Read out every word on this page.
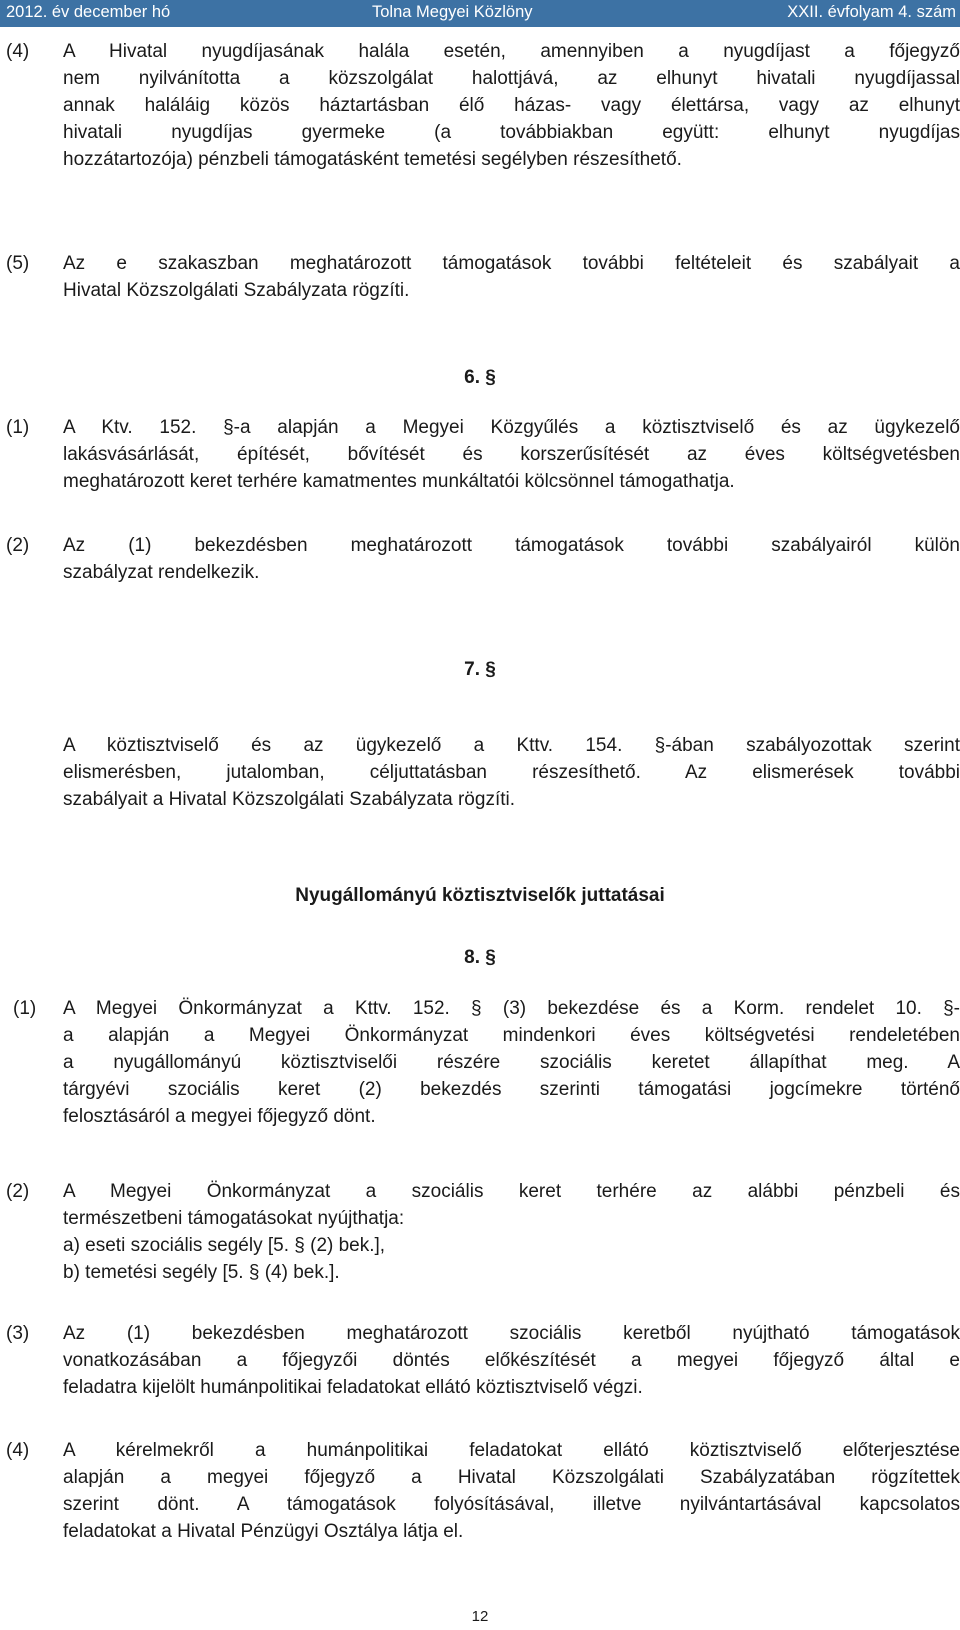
2012. év december hó	Tolna Megyei Közlöny	XXII. évfolyam 4. szám
(4) A Hivatal nyugdíjasának halála esetén, amennyiben a nyugdíjast a főjegyző
nem nyilvánította a közszolgálat halottjává, az elhunyt hivatali nyugdíjassal
annak haláláig közös háztartásban élő házas- vagy élettársa, vagy az elhunyt
hivatali nyugdíjas gyermeke (a továbbiakban együtt: elhunyt nyugdíjas
hozzátartozója) pénzbeli támogatásként temetési segélyben részesíthető.
(5) Az e szakaszban meghatározott támogatások további feltételeit és szabályait a
Hivatal Közszolgálati Szabályzata rögzíti.
6. §
(1) A Ktv. 152. §-a alapján a Megyei Közgyűlés a köztisztviselő és az ügykezelő
lakásvásárlását, építését, bővítését és korszerűsítését az éves költségvetésben
meghatározott keret terhére kamatmentes munkáltatói kölcsönnel támogathatja.
(2) Az (1) bekezdésben meghatározott támogatások további szabályairól külön
szabályzat rendelkezik.
7. §
A köztisztviselő és az ügykezelő a Kttv. 154. §-ában szabályozottak szerint
elismerésben, jutalomban, céljuttatásban részesíthető. Az elismerések további
szabályait a Hivatal Közszolgálati Szabályzata rögzíti.
Nyugállományú köztisztviselők juttatásai
8. §
(1) A Megyei Önkormányzat a Kttv. 152. § (3) bekezdése és a Korm. rendelet 10. §-
a alapján a Megyei Önkormányzat mindenkori éves költségvetési rendeletében
a nyugállományú köztisztviselői részére szociális keretet állapíthat meg. A
tárgyévi szociális keret (2) bekezdés szerinti támogatási jogcímekre történő
felosztásáról a megyei főjegyző dönt.
(2) A Megyei Önkormányzat a szociális keret terhére az alábbi pénzbeli és
természetbeni támogatásokat nyújthatja:
a) eseti szociális segély [5. § (2) bek.],
b) temetési segély [5. § (4) bek.].
(3) Az (1) bekezdésben meghatározott szociális keretből nyújtható támogatások
vonatkozásában a főjegyzői döntés előkészítését a megyei főjegyző által e
feladatra kijelölt humánpolitikai feladatokat ellátó köztisztviselő végzi.
(4) A kérelmekről a humánpolitikai feladatokat ellátó köztisztviselő előterjesztése
alapján a megyei főjegyző a Hivatal Közszolgálati Szabályzatában rögzítettek
szerint dönt. A támogatások folyósításával, illetve nyilvántartásával kapcsolatos
feladatokat a Hivatal Pénzügyi Osztálya látja el.
12
